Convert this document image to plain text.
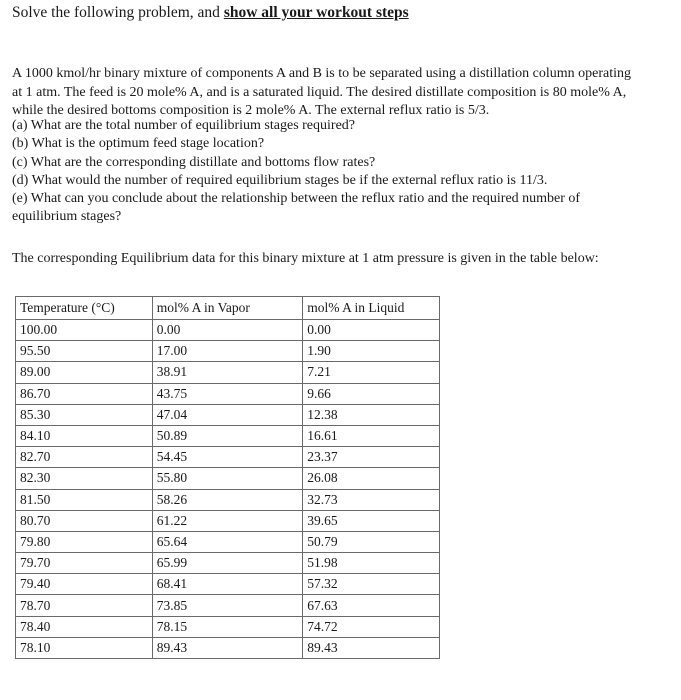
Solve the following problem, and show all your workout steps

A 1000 kmol/hr binary mixture of components A and B is to be separated using a distillation column operating at 1 atm. The feed is 20 mole% A, and is a saturated liquid. The desired distillate composition is 80 mole% A, while the desired bottoms composition is 2 mole% A. The external reflux ratio is 5/3.

(a) What are the total number of equilibrium stages required?
(b) What is the optimum feed stage location?
(c) What are the corresponding distillate and bottoms flow rates?
(d) What would the number of required equilibrium stages be if the external reflux ratio is 11/3.
(e) What can you conclude about the relationship between the reflux ratio and the required number of equilibrium stages?

The corresponding Equilibrium data for this binary mixture at 1 atm pressure is given in the table below:

Temperature (°C)	mol% A in Vapor	mol% A in Liquid
100.00	0.00	0.00
95.50	17.00	1.90
89.00	38.91	7.21
86.70	43.75	9.66
85.30	47.04	12.38
84.10	50.89	16.61
82.70	54.45	23.37
82.30	55.80	26.08
81.50	58.26	32.73
80.70	61.22	39.65
79.80	65.64	50.79
79.70	65.99	51.98
79.40	68.41	57.32
78.70	73.85	67.63
78.40	78.15	74.72
78.10	89.43	89.43
